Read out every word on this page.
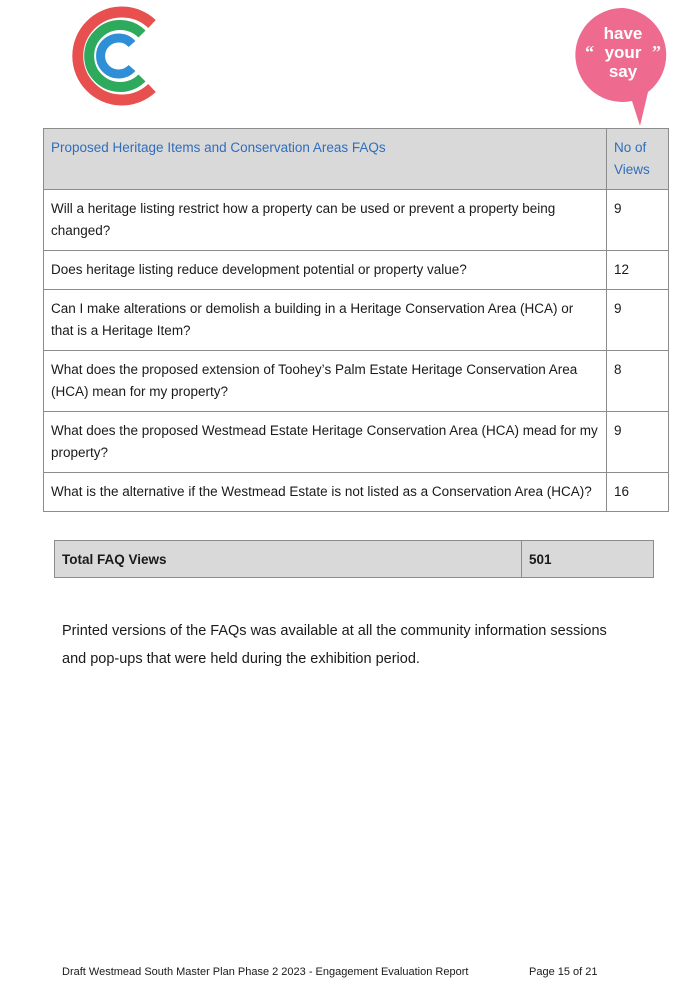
have
your
say
“	”
Proposed Heritage Items and Conservation Areas FAQs	No of Views
Will a heritage listing restrict how a property can be used or prevent a property being changed?	9
Does heritage listing reduce development potential or property value?	12
Can I make alterations or demolish a building in a Heritage Conservation Area (HCA) or that is a Heritage Item?	9
What does the proposed extension of Toohey’s Palm Estate Heritage Conservation Area (HCA) mean for my property?	8
What does the proposed Westmead Estate Heritage Conservation Area (HCA) mead for my property?	9
What is the alternative if the Westmead Estate is not listed as a Conservation Area (HCA)?	16
Total FAQ Views	501

Printed versions of the FAQs was available at all the community information sessions and pop-ups that were held during the exhibition period.

Draft Westmead South Master Plan Phase 2 2023 - Engagement Evaluation Report	Page 15 of 21
